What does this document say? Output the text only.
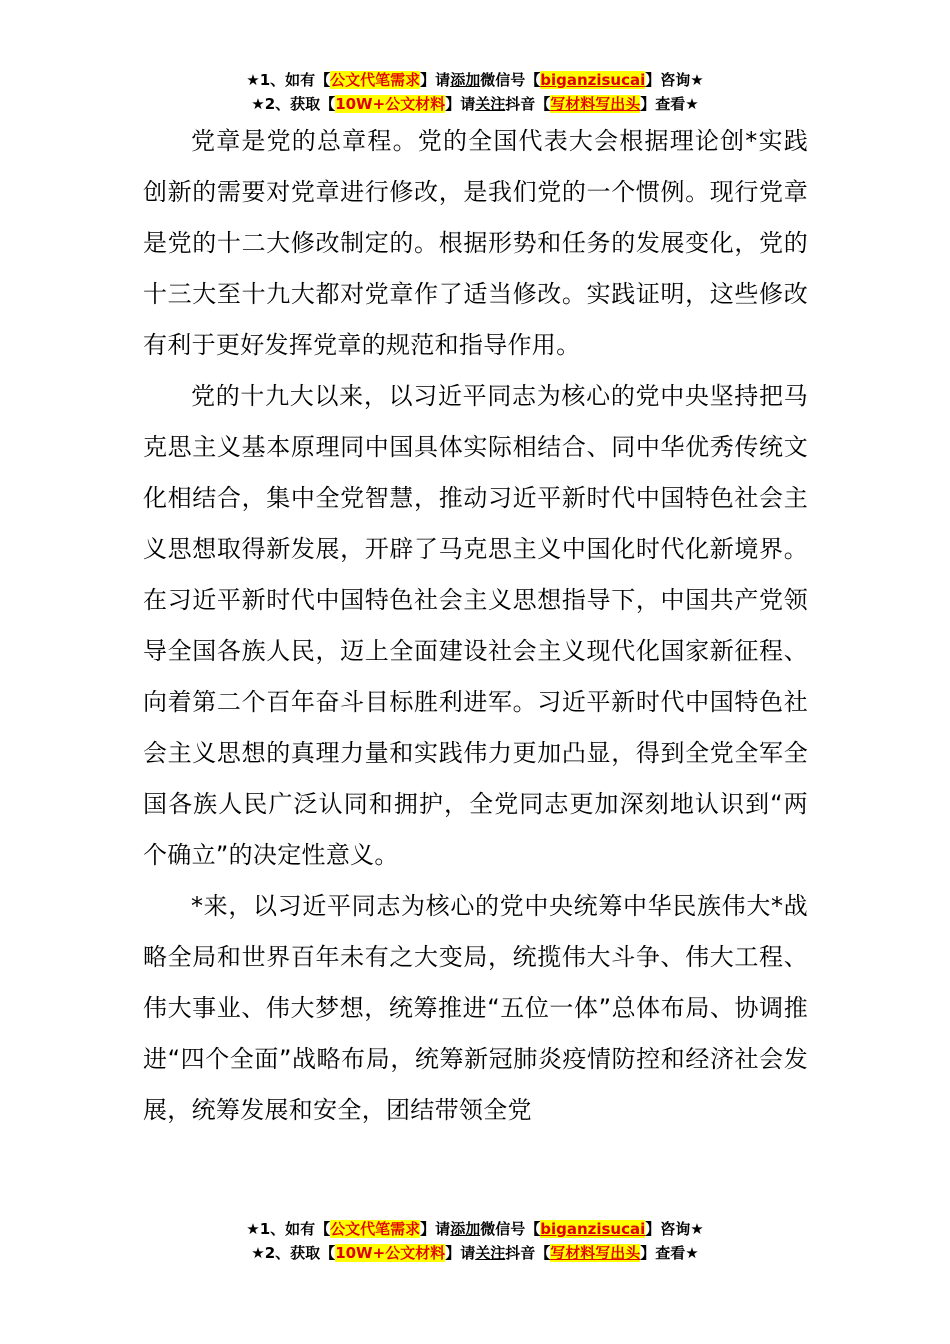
★1、如有【公文代笔需求】请添加微信号【biganzisucai】咨询★
★2、获取【10W+公文材料】请关注抖音【写材料写出头】查看★

党章是党的总章程。党的全国代表大会根据理论创*实践创新的需要对党章进行修改，是我们党的一个惯例。现行党章是党的十二大修改制定的。根据形势和任务的发展变化，党的十三大至十九大都对党章作了适当修改。实践证明，这些修改有利于更好发挥党章的规范和指导作用。

党的十九大以来，以习近平同志为核心的党中央坚持把马克思主义基本原理同中国具体实际相结合、同中华优秀传统文化相结合，集中全党智慧，推动习近平新时代中国特色社会主义思想取得新发展，开辟了马克思主义中国化时代化新境界。在习近平新时代中国特色社会主义思想指导下，中国共产党领导全国各族人民，迈上全面建设社会主义现代化国家新征程、向着第二个百年奋斗目标胜利进军。习近平新时代中国特色社会主义思想的真理力量和实践伟力更加凸显，得到全党全军全国各族人民广泛认同和拥护，全党同志更加深刻地认识到“两个确立”的决定性意义。

*来，以习近平同志为核心的党中央统筹中华民族伟大*战略全局和世界百年未有之大变局，统揽伟大斗争、伟大工程、伟大事业、伟大梦想，统筹推进“五位一体”总体布局、协调推进“四个全面”战略布局，统筹新冠肺炎疫情防控和经济社会发展，统筹发展和安全，团结带领全党

★1、如有【公文代笔需求】请添加微信号【biganzisucai】咨询★
★2、获取【10W+公文材料】请关注抖音【写材料写出头】查看★
